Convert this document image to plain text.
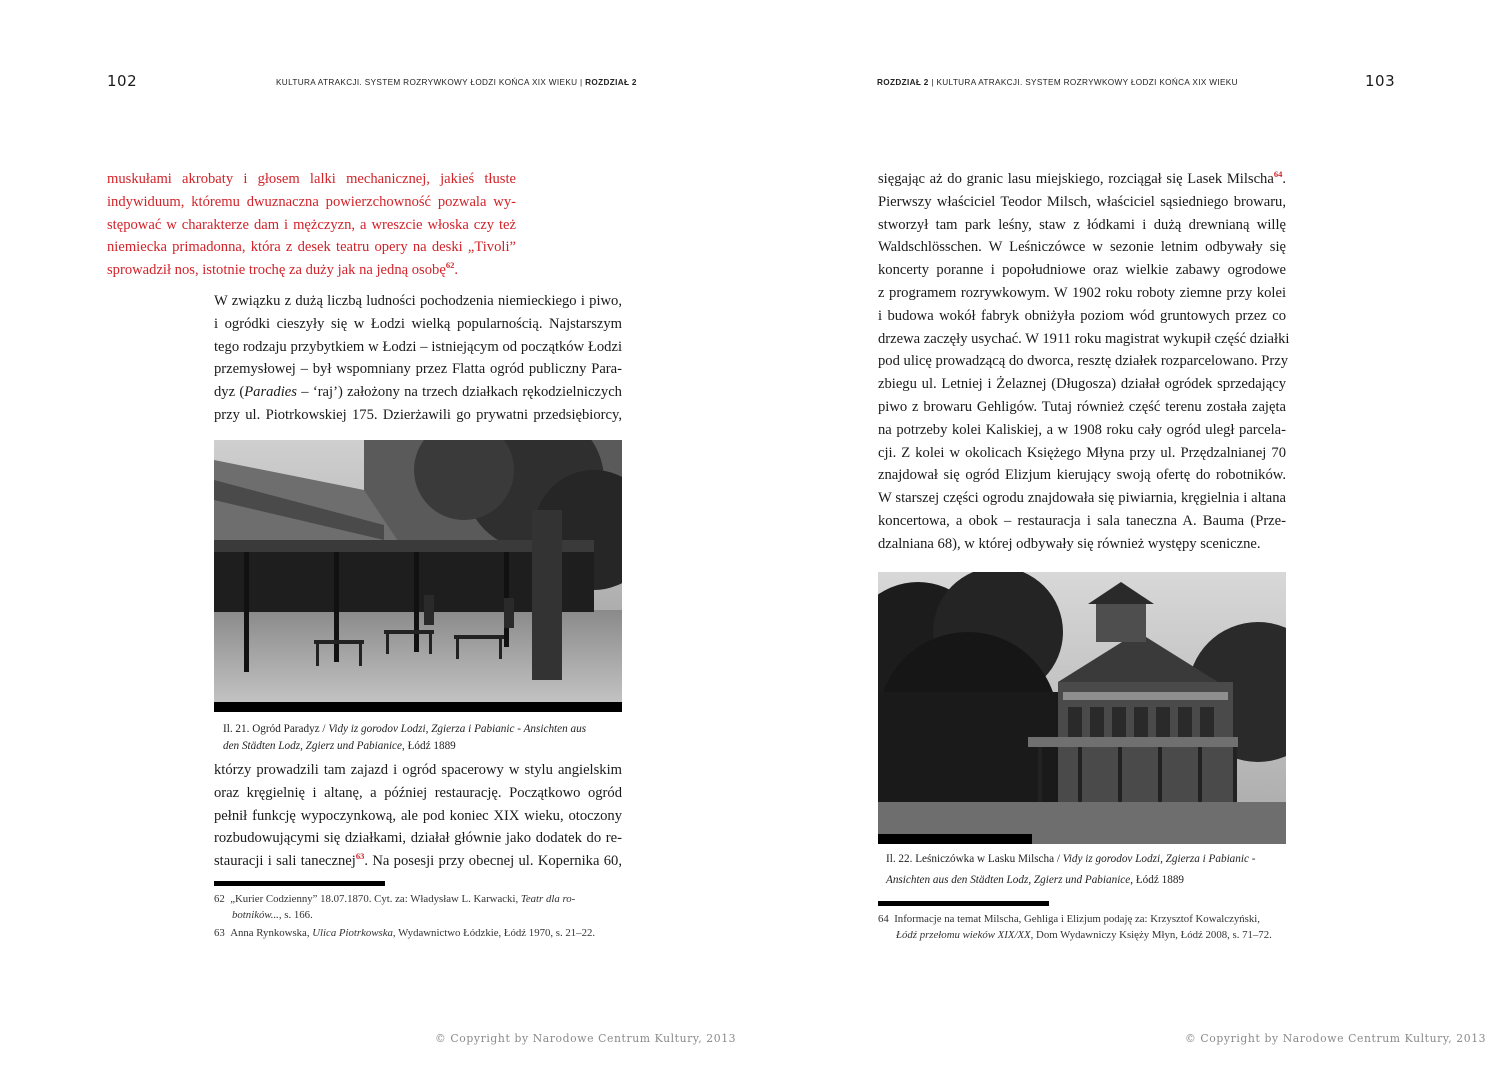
102	KULTURA ATRAKCJI. SYSTEM ROZRYWKOWY ŁODZI KOŃCA XIX WIEKU | ROZDZIAŁ 2
muskułami akrobaty i głosem lalki mechanicznej, jakieś tłuste
indywiduum, któremu dwuznaczna powierzchowność pozwala wy-
stępować w charakterze dam i mężczyzn, a wreszcie włoska czy też
niemiecka primadonna, która z desek teatru opery na deski „Tivoli”
sprowadził nos, istotnie trochę za duży jak na jedną osobę$^{62}$.
W związku z dużą liczbą ludności pochodzenia niemieckiego i piwo,
i ogródki cieszyły się w Łodzi wielką popularnością. Najstarszym
tego rodzaju przybytkiem w Łodzi – istniejącym od początków Łodzi
przemysłowej – był wspomniany przez Flatta ogród publiczny Para-
dyz (Paradies – ‘raj’) założony na trzech działkach rękodzielniczych
przy ul. Piotrkowskiej 175. Dzierżawili go prywatni przedsiębiorcy,
Il. 21. Ogród Paradyz / Vidy iz gorodov Lodzi, Zgierza i Pabianic - Ansichten aus
den Städten Lodz, Zgierz und Pabianice, Łódź 1889
którzy prowadzili tam zajazd i ogród spacerowy w stylu angielskim
oraz kręgielnię i altanę, a później restaurację. Początkowo ogród
pełnił funkcję wypoczynkową, ale pod koniec XIX wieku, otoczony
rozbudowującymi się działkami, działał głównie jako dodatek do re-
stauracji i sali tanecznej$^{63}$. Na posesji przy obecnej ul. Kopernika 60,
62 „Kurier Codzienny” 18.07.1870. Cyt. za: Władysław L. Karwacki, Teatr dla ro-
botników..., s. 166.
63 Anna Rynkowska, Ulica Piotrkowska, Wydawnictwo Łódzkie, Łódź 1970, s. 21–22.
© Copyright by Narodowe Centrum Kultury, 2013
ROZDZIAŁ 2 | KULTURA ATRAKCJI. SYSTEM ROZRYWKOWY ŁODZI KOŃCA XIX WIEKU	103
sięgając aż do granic lasu miejskiego, rozciągał się Lasek Milscha$^{64}$.
Pierwszy właściciel Teodor Milsch, właściciel sąsiedniego browaru,
stworzył tam park leśny, staw z łódkami i dużą drewnianą willę
Waldschlösschen. W Leśniczówce w sezonie letnim odbywały się
koncerty poranne i popołudniowe oraz wielkie zabawy ogrodowe
z programem rozrywkowym. W 1902 roku roboty ziemne przy kolei
i budowa wokół fabryk obniżyła poziom wód gruntowych przez co
drzewa zaczęły usychać. W 1911 roku magistrat wykupił część działki
pod ulicę prowadzącą do dworca, resztę działek rozparcelowano. Przy
zbiegu ul. Letniej i Żelaznej (Długosza) działał ogródek sprzedający
piwo z browaru Gehligów. Tutaj również część terenu została zajęta
na potrzeby kolei Kaliskiej, a w 1908 roku cały ogród uległ parcela-
cji. Z kolei w okolicach Księżego Młyna przy ul. Przędzalnianej 70
znajdował się ogród Elizjum kierujący swoją ofertę do robotników.
W starszej części ogrodu znajdowała się piwiarnia, kręgielnia i altana
koncertowa, a obok – restauracja i sala taneczna A. Bauma (Prze-
dzalniana 68), w której odbywały się również występy sceniczne.
Il. 22. Leśniczówka w Lasku Milscha / Vidy iz gorodov Lodzi, Zgierza i Pabianic -
Ansichten aus den Städten Lodz, Zgierz und Pabianice, Łódź 1889
64 Informacje na temat Milscha, Gehliga i Elizjum podaję za: Krzysztof Kowalczyński,
Łódź przełomu wieków XIX/XX, Dom Wydawniczy Księży Młyn, Łódź 2008, s. 71–72.
© Copyright by Narodowe Centrum Kultury, 2013
